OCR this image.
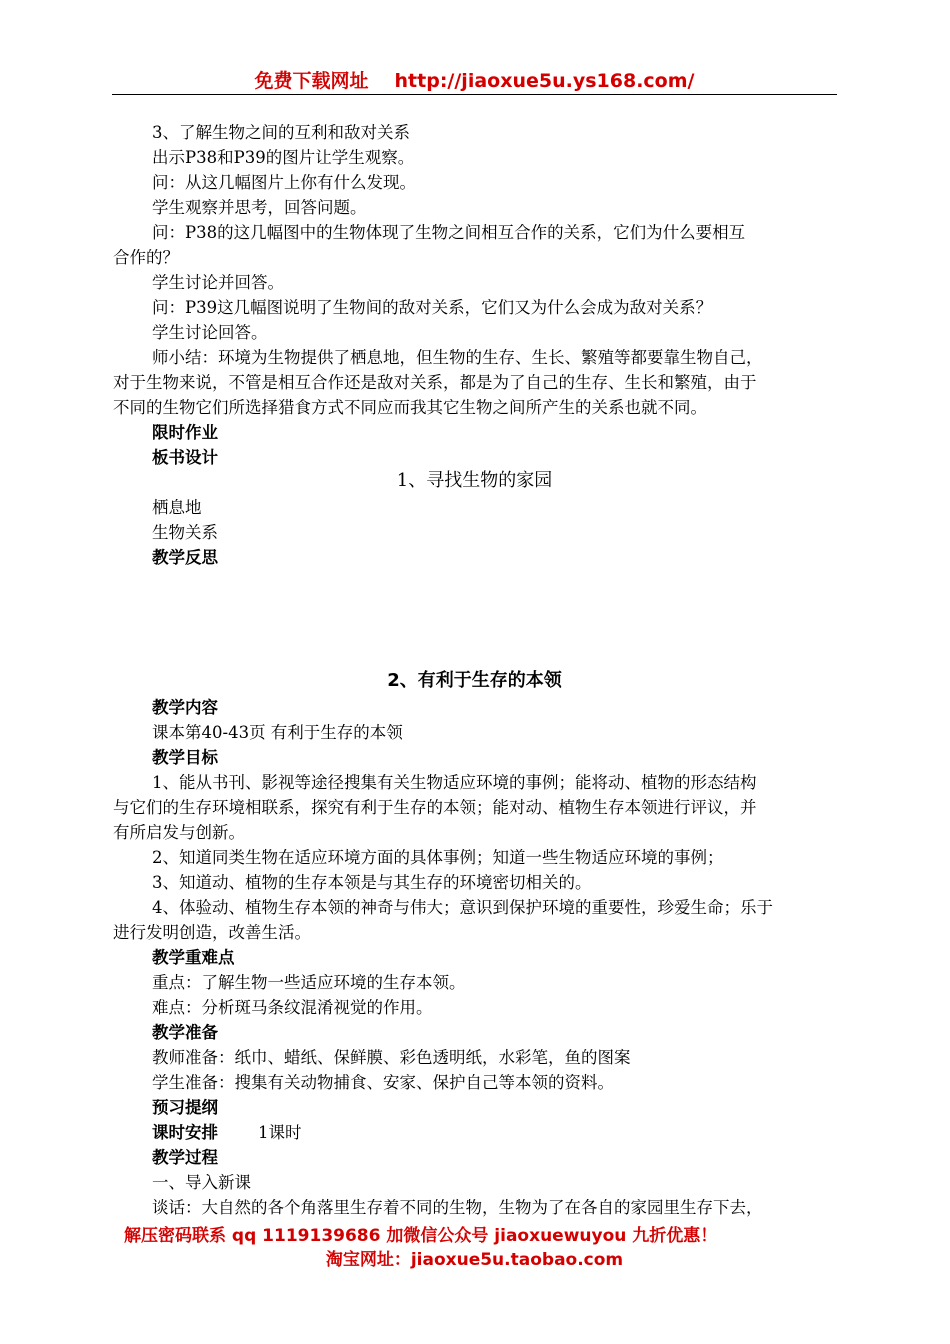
免费下载网址 http://jiaoxue5u.ys168.com/
3、了解生物之间的互利和敌对关系
出示P38和P39的图片让学生观察。
问：从这几幅图片上你有什么发现。
学生观察并思考，回答问题。
问：P38的这几幅图中的生物体现了生物之间相互合作的关系，它们为什么要相互
合作的？
学生讨论并回答。
问：P39这几幅图说明了生物间的敌对关系，它们又为什么会成为敌对关系？
学生讨论回答。
师小结：环境为生物提供了栖息地，但生物的生存、生长、繁殖等都要靠生物自己，
对于生物来说，不管是相互合作还是敌对关系，都是为了自己的生存、生长和繁殖，由于
不同的生物它们所选择猎食方式不同应而我其它生物之间所产生的关系也就不同。
限时作业
板书设计
1、寻找生物的家园
栖息地
生物关系
教学反思
2、有利于生存的本领
教学内容
课本第40-43页 有利于生存的本领
教学目标
1、能从书刊、影视等途径搜集有关生物适应环境的事例；能将动、植物的形态结构
与它们的生存环境相联系，探究有利于生存的本领；能对动、植物生存本领进行评议，并
有所启发与创新。
2、知道同类生物在适应环境方面的具体事例；知道一些生物适应环境的事例；
3、知道动、植物的生存本领是与其生存的环境密切相关的。
4、体验动、植物生存本领的神奇与伟大；意识到保护环境的重要性，珍爱生命；乐于
进行发明创造，改善生活。
教学重难点
重点：了解生物一些适应环境的生存本领。
难点：分析斑马条纹混淆视觉的作用。
教学准备
教师准备：纸巾、蜡纸、保鲜膜、彩色透明纸，水彩笔，鱼的图案
学生准备：搜集有关动物捕食、安家、保护自己等本领的资料。
预习提纲
课时安排 1课时
教学过程
一、导入新课
谈话：大自然的各个角落里生存着不同的生物，生物为了在各自的家园里生存下去，
解压密码联系 qq 1119139686 加微信公众号 jiaoxuewuyou 九折优惠！
淘宝网址：jiaoxue5u.taobao.com
